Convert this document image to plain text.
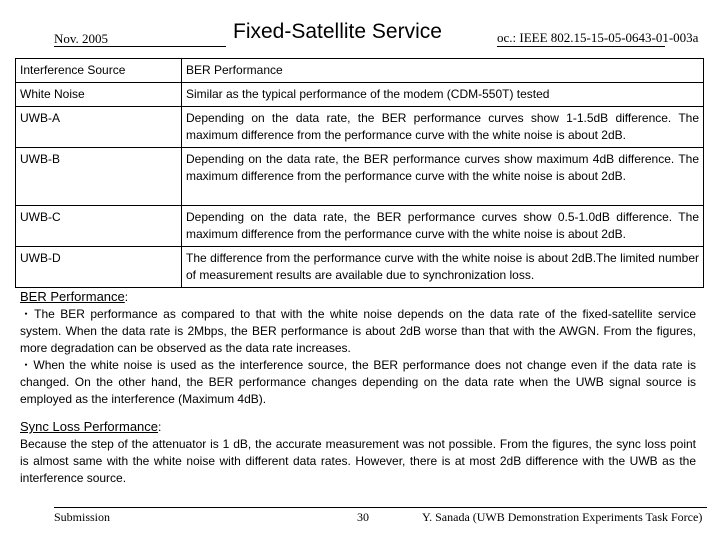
Nov. 2005	Fixed-Satellite Service	oc.: IEEE 802.15-15-05-0643-01-003a
Interference Source	BER Performance
White Noise	Similar as the typical performance of the modem (CDM-550T) tested
UWB-A	Depending on the data rate, the BER performance curves show 1-1.5dB difference. The maximum difference from the performance curve with the white noise is about 2dB.
UWB-B	Depending on the data rate, the BER performance curves show maximum 4dB difference. The maximum difference from the performance curve with the white noise is about 2dB.
UWB-C	Depending on the data rate, the BER performance curves show 0.5-1.0dB difference. The maximum difference from the performance curve with the white noise is about 2dB.
UWB-D	The difference from the performance curve with the white noise is about 2dB.The limited number of measurement results are available due to synchronization loss.

BER Performance:

・The BER performance as compared to that with the white noise depends on the data rate of the fixed-satellite service system. When the data rate is 2Mbps, the BER performance is about 2dB worse than that with the AWGN. From the figures, more degradation can be observed as the data rate increases.

・When the white noise is used as the interference source, the BER performance does not change even if the data rate is changed. On the other hand, the BER performance changes depending on the data rate when the UWB signal source is employed as the interference (Maximum 4dB).

Sync Loss Performance:

Because the step of the attenuator is 1 dB, the accurate measurement was not possible. From the figures, the sync loss point is almost same with the white noise with different data rates. However, there is at most 2dB difference with the UWB as the interference source.

Submission	30	Y. Sanada (UWB Demonstration Experiments Task Force)
